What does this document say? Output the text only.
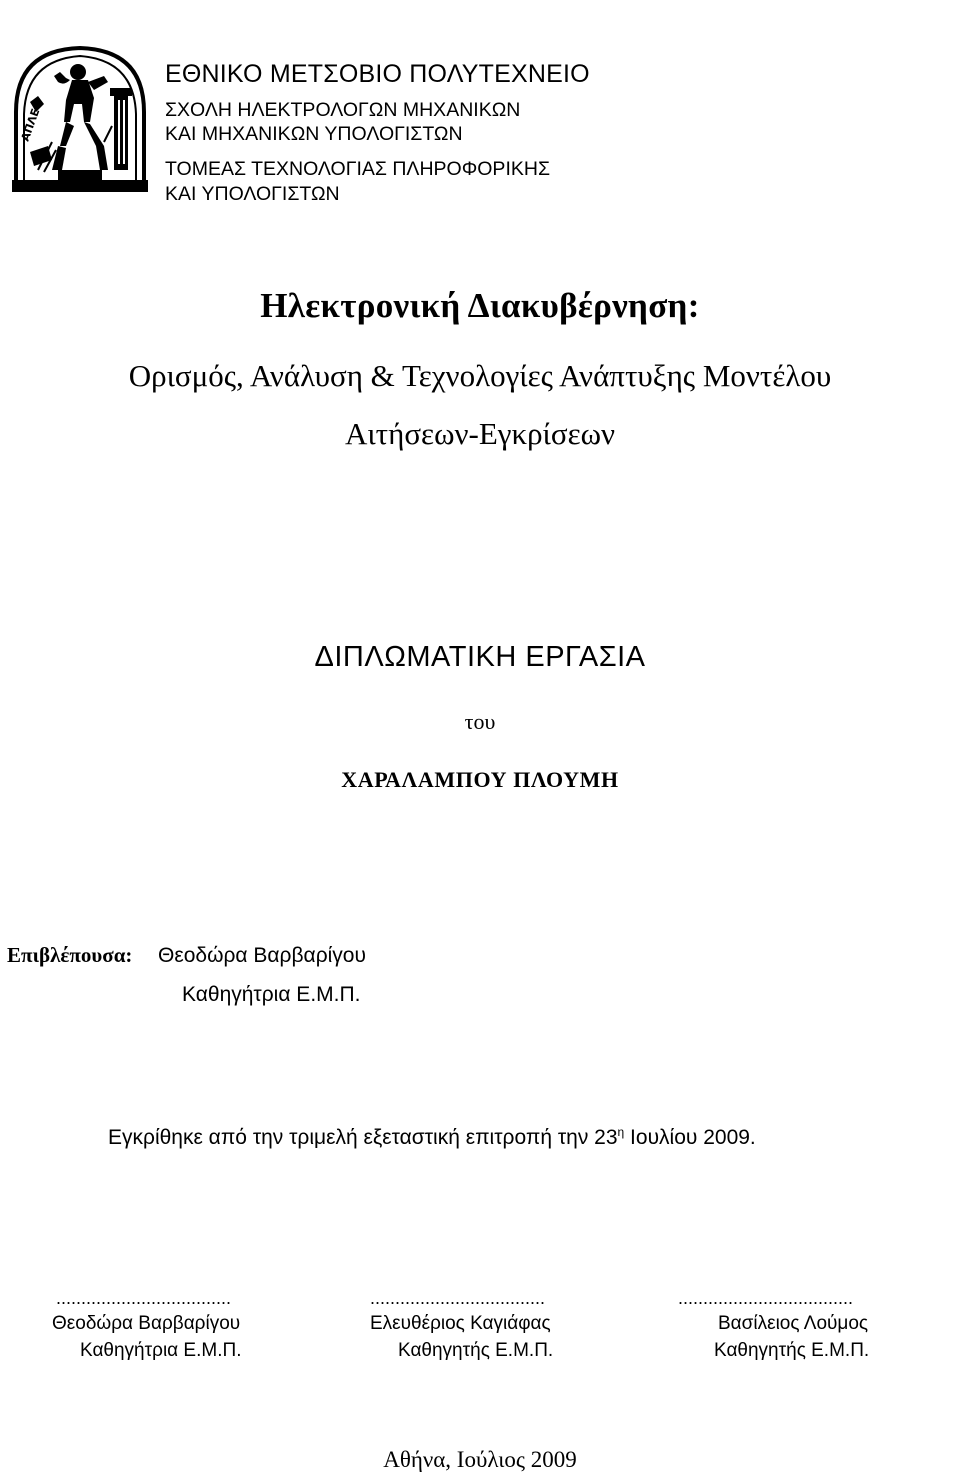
ΑΠΛΕ
ΕΘΝΙΚΟ ΜΕΤΣΟΒΙΟ ΠΟΛΥΤΕΧΝΕΙΟ
ΣΧΟΛΗ ΗΛΕΚΤΡΟΛΟΓΩΝ ΜΗΧΑΝΙΚΩΝ
ΚΑΙ ΜΗΧΑΝΙΚΩΝ ΥΠΟΛΟΓΙΣΤΩΝ
ΤΟΜΕΑΣ ΤΕΧΝΟΛΟΓΙΑΣ ΠΛΗΡΟΦΟΡΙΚΗΣ
ΚΑΙ ΥΠΟΛΟΓΙΣΤΩΝ
Ηλεκτρονική Διακυβέρνηση:
Ορισμός, Ανάλυση & Τεχνολογίες Ανάπτυξης Μοντέλου
Αιτήσεων-Εγκρίσεων
ΔΙΠΛΩΜΑΤΙΚΗ ΕΡΓΑΣΙΑ
του
ΧΑΡΑΛΑΜΠΟΥ ΠΛΟΥΜΗ
Επιβλέπουσα: Θεοδώρα Βαρβαρίγου
Καθηγήτρια Ε.Μ.Π.
Εγκρίθηκε από την τριμελή εξεταστική επιτροπή την $23^\eta$ Ιουλίου 2009.
...................................
Θεοδώρα Βαρβαρίγου
Καθηγήτρια Ε.Μ.Π.
...................................
Ελευθέριος Καγιάφας
Καθηγητής Ε.Μ.Π.
...................................
Βασίλειος Λούμος
Καθηγητής Ε.Μ.Π.
Αθήνα, Ιούλιος 2009
